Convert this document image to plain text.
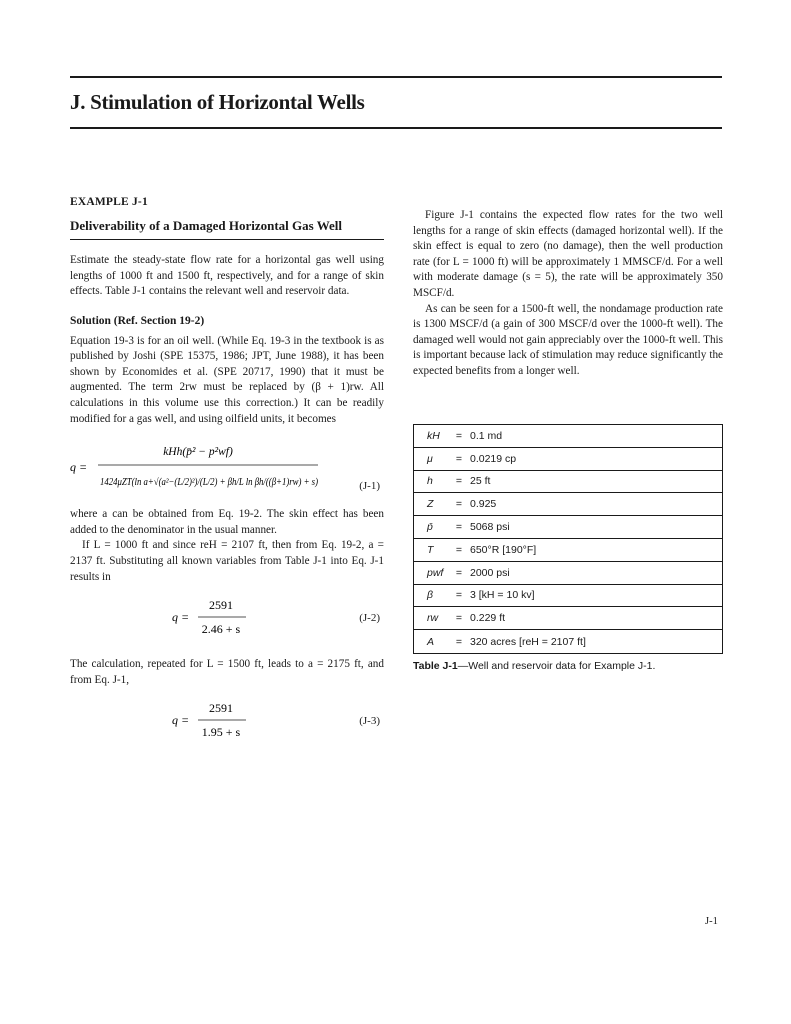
J. Stimulation of Horizontal Wells
EXAMPLE J-1
Deliverability of a Damaged Horizontal Gas Well

Estimate the steady-state flow rate for a horizontal gas well using lengths of 1000 ft and 1500 ft, respectively, and for a range of skin effects. Table J-1 contains the relevant well and reservoir data.

Solution (Ref. Section 19-2)

Equation 19-3 is for an oil well. (While Eq. 19-3 in the textbook is as published by Joshi (SPE 15375, 1986; JPT, June 1988), it has been shown by Economides et al. (SPE 20717, 1990) that it must be augmented. The term 2rw must be replaced by (β + 1)rw. All calculations in this volume use this correction.) It can be readily modified for a gas well, and using oilfield units, it becomes

q =
kHh(p̄² − p²wf)
1424μZT(ln a+√(a²−(L/2)²)/(L/2) + βh/L ln βh/((β+1)rw) + s)	(J-1)

where a can be obtained from Eq. 19-2. The skin effect has been added to the denominator in the usual manner.

If L = 1000 ft and since reH = 2107 ft, then from Eq. 19-2, a = 2137 ft. Substituting all known variables from Table J-1 into Eq. J-1 results in

q =
2591
2.46 + s
(J-2)

The calculation, repeated for L = 1500 ft, leads to a = 2175 ft, and from Eq. J-1,

q =
2591
1.95 + s
(J-3)

Figure J-1 contains the expected flow rates for the two well lengths for a range of skin effects (damaged horizontal well). If the skin effect is equal to zero (no damage), then the well production rate (for L = 1000 ft) will be approximately 1 MMSCF/d. For a well with moderate damage (s = 5), the rate will be approximately 350 MSCF/d.

As can be seen for a 1500-ft well, the nondamage production rate is 1300 MSCF/d (a gain of 300 MSCF/d over the 1000-ft well). The damaged well would not gain appreciably over the 1000-ft well. This is important because lack of stimulation may reduce significantly the expected benefits from a longer well.

kH	= 0.1 md
μ	= 0.0219 cp
h	= 25 ft
Z	= 0.925
p̄	= 5068 psi
T	= 650°R [190°F]
pwf	= 2000 psi
β	= 3 [kH = 10 kv]
rw	= 0.229 ft
A	= 320 acres [reH = 2107 ft]
Table J-1—Well and reservoir data for Example J-1.
J-1
